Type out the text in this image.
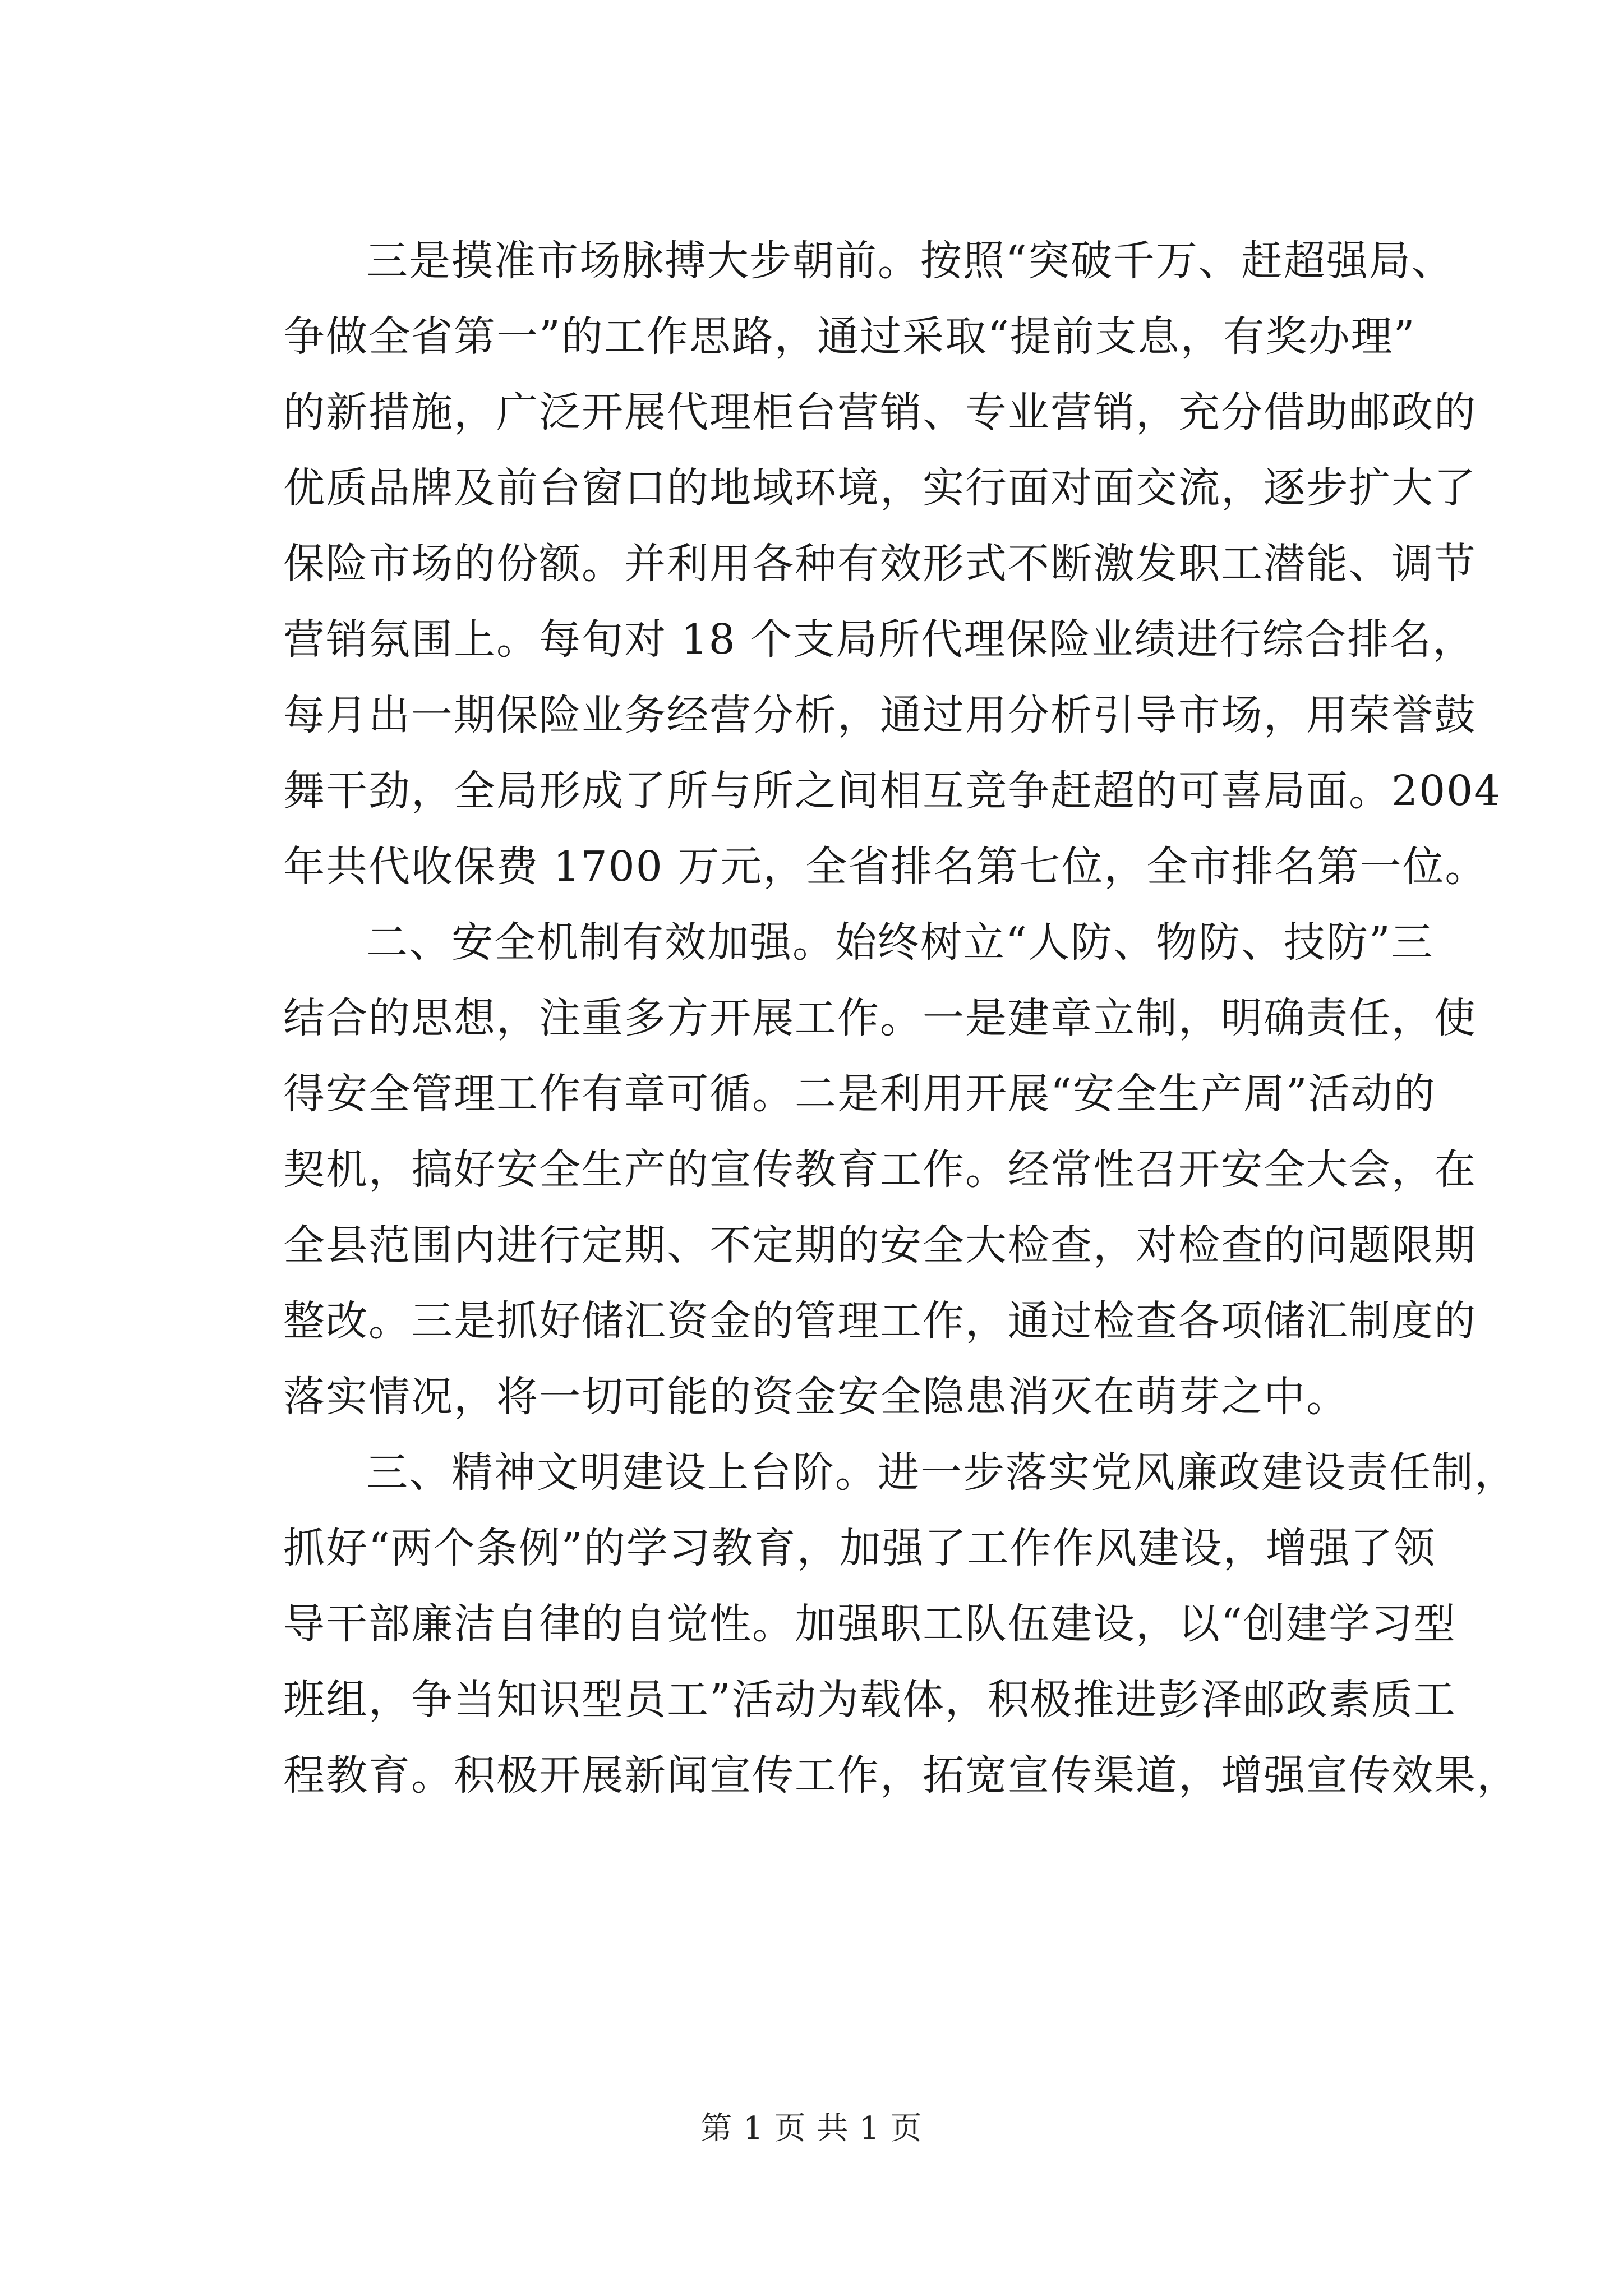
三是摸准市场脉搏大步朝前。按照“突破千万、赶超强局、
争做全省第一”的工作思路，通过采取“提前支息，有奖办理”
的新措施，广泛开展代理柜台营销、专业营销，充分借助邮政的
优质品牌及前台窗口的地域环境，实行面对面交流，逐步扩大了
保险市场的份额。并利用各种有效形式不断激发职工潜能、调节
营销氛围上。每旬对 18 个支局所代理保险业绩进行综合排名，
每月出一期保险业务经营分析，通过用分析引导市场，用荣誉鼓
舞干劲，全局形成了所与所之间相互竞争赶超的可喜局面。2004
年共代收保费 1700 万元，全省排名第七位，全市排名第一位。
二、安全机制有效加强。始终树立“人防、物防、技防”三
结合的思想，注重多方开展工作。一是建章立制，明确责任，使
得安全管理工作有章可循。二是利用开展“安全生产周”活动的
契机，搞好安全生产的宣传教育工作。经常性召开安全大会，在
全县范围内进行定期、不定期的安全大检查，对检查的问题限期
整改。三是抓好储汇资金的管理工作，通过检查各项储汇制度的
落实情况，将一切可能的资金安全隐患消灭在萌芽之中。
三、精神文明建设上台阶。进一步落实党风廉政建设责任制，
抓好“两个条例”的学习教育，加强了工作作风建设，增强了领
导干部廉洁自律的自觉性。加强职工队伍建设，以“创建学习型
班组，争当知识型员工”活动为载体，积极推进彭泽邮政素质工
程教育。积极开展新闻宣传工作，拓宽宣传渠道，增强宣传效果，
第 1 页 共 1 页
